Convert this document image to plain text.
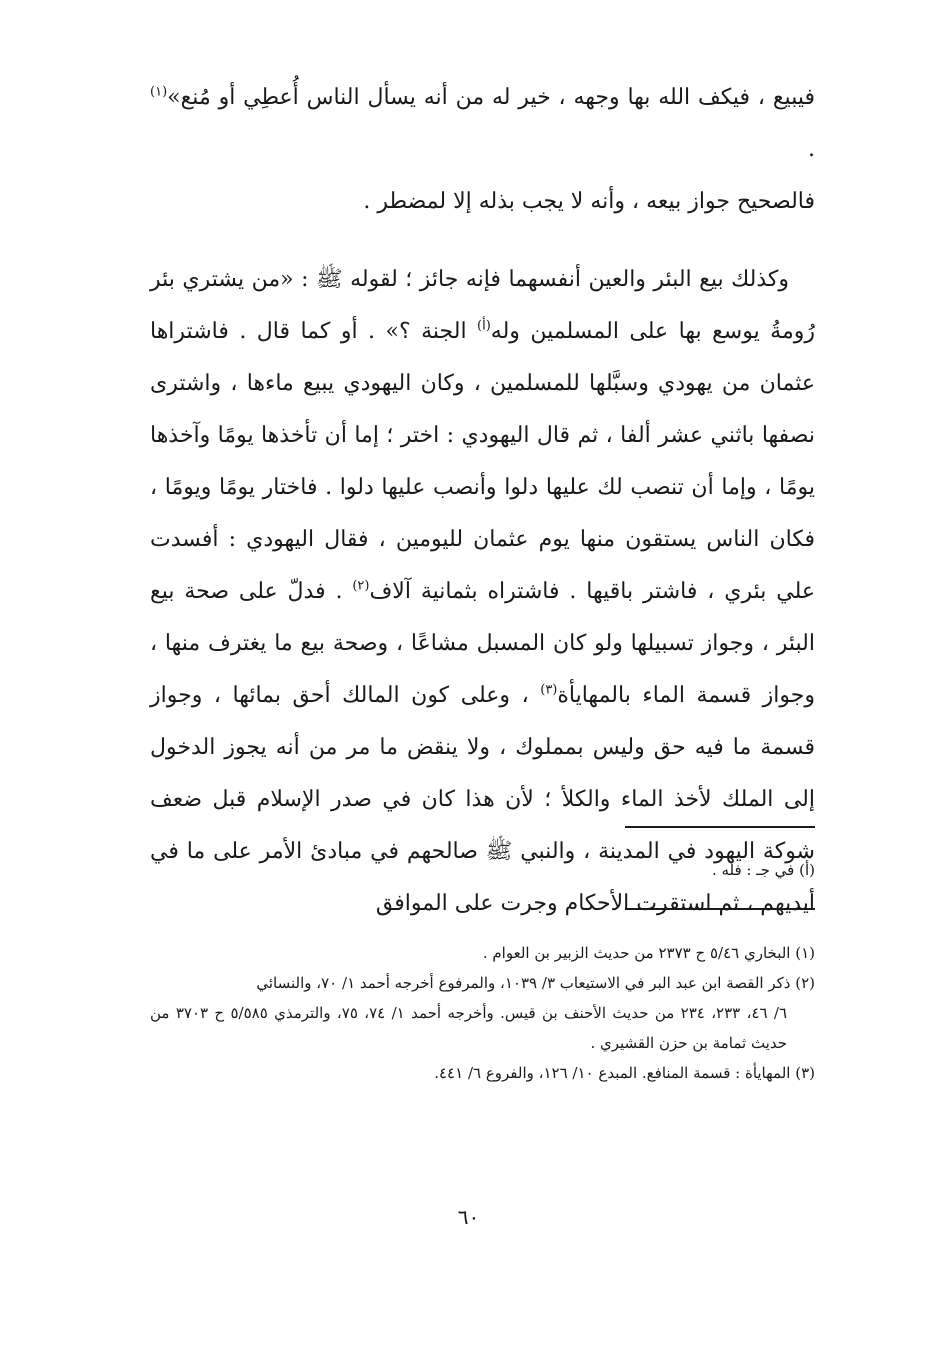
فيبيع ، فيكف الله بها وجهه ، خير له من أنه يسأل الناس أُعطِي أو مُنع»$^{(١)}$ .

فالصحيح جواز بيعه ، وأنه لا يجب بذله إلا لمضطر .

وكذلك بيع البئر والعين أنفسهما فإنه جائز ؛ لقوله ﷺ : «من يشتري بئر رُومةُ يوسع بها على المسلمين وله$^{(أ)}$ الجنة ؟» . أو كما قال . فاشتراها عثمان من يهودي وسبَّلها للمسلمين ، وكان اليهودي يبيع ماءها ، واشترى نصفها باثني عشر ألفا ، ثم قال اليهودي : اختر ؛ إما أن تأخذها يومًا وآخذها يومًا ، وإما أن تنصب لك عليها دلوا وأنصب عليها دلوا . فاختار يومًا ويومًا ، فكان الناس يستقون منها يوم عثمان لليومين ، فقال اليهودي : أفسدت علي بئري ، فاشتر باقيها . فاشتراه بثمانية آلاف$^{(٢)}$ . فدلّ على صحة بيع البئر ، وجواز تسبيلها ولو كان المسبل مشاعًا ، وصحة بيع ما يغترف منها ، وجواز قسمة الماء بالمهايأة$^{(٣)}$ ، وعلى كون المالك أحق بمائها ، وجواز قسمة ما فيه حق وليس بمملوك ، ولا ينقض ما مر من أنه يجوز الدخول إلى الملك لأخذ الماء والكلأ ؛ لأن هذا كان في صدر الإسلام قبل ضعف شوكة اليهود في المدينة ، والنبي ﷺ صالحهم في مبادئ الأمر على ما في أيديهم ، ثم استقرت الأحكام وجرت على الموافق

(أ) في جـ : فله .

(١) البخاري ٥/٤٦ ح ٢٣٧٣ من حديث الزبير بن العوام .

(٢) ذكر القصة ابن عبد البر في الاستيعاب ٣/ ١٠٣٩، والمرفوع أخرجه أحمد ١/ ٧٠، والنسائي
٦/ ٤٦، ٢٣٣، ٢٣٤ من حديث الأحنف بن قيس. وأخرجه أحمد ١/ ٧٤، ٧٥، والترمذي ٥/٥٨٥ ح ٣٧٠٣ من حديث ثمامة بن حزن القشيري .

(٣) المهايأة : قسمة المنافع. المبدع ١٠/ ١٢٦، والفروع ٦/ ٤٤١.

٦٠
